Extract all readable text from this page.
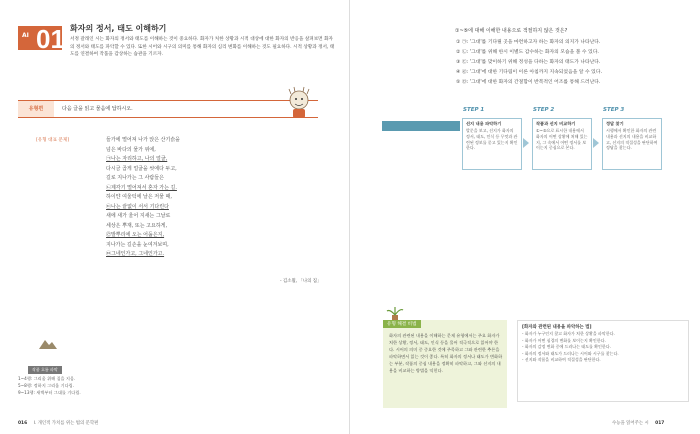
AI 01 화자의 정서, 태도 이해하기
서정 갈래인 시는 화자의 정서와 태도를 이해하는 것이 중요하다. 화자가 처한 상황과 시적 대상에 대한 화자의 반응을 살펴보면 화자의 정서와 태도를 파악할 수 있다. 또한 시어와 시구의 의미를 통해 화자의 심리 변화를 이해하는 것도 필요하다. 시적 상황과 정서, 태도를 연결하여 작품을 감상하는 습관을 기르자.
유형편	다음 글을 읽고 물음에 답하시오.
[유형 대표 문제]	들가에 떨어져 나가 앉은 산기슭을
넘은 바다의 물가 위에,
㉠나는 자리하고, 나의 얼굴,
다시금 곱게 얼굴을 씻에다 두고,
길로 지나가는 그 사람들은
㉡제각기 떨어져서 혼자 가는 길.
하이얀 여울턱에 날은 저물 때,
㉢나는 끝없이 서서 기다린다
새에 새가 울어 지새는 그날로
세상은 뿌재, 또는 고요하게,
㉣발뿌리에 오는 어둡은지,
지나가는 길손을 눈여겨보며,
㉤그네인가고, 그네인가고.
- 김소월, 「나의 집」
작품 흐름 파악
1~4행: 그리움 위해 집을 지음.
5~8행: 정하지 그리움 기다림.
9~13행: 새벽부터 그대를 기다림.
016 I. 개인적 가치를 위는 법의 문학편
①~⑤에 대해 이해한 내용으로 적절하지 않은 것은?
① ㉠: '그대'를 기다릴 곳을 마련하고자 하는 화자의 의지가 나타난다.
② ㉡: '그대'를 위해 한시 이별도 감수하는 화자의 모습을 볼 수 있다.
③ ㉢: '그대'를 맞이하기 위해 정성을 다하는 화자의 태도가 나타난다.
④ ㉣: '그대'에 대한 기다림이 이른 아침까지 지속되었음을 알 수 있다.
⑤ ㉤: '그대'에 대한 화자의 간절함이 반복적인 어조를 통해 드러난다.
문제 해결 길잡이 >>>>
STEP 1
선지 내용 파악하기
발문을 보고, 선지가 화자의 정서, 태도, 인식 등 무엇과 관련된 정보를 묻고 있는지 확인한다.
STEP 2
작품과 선지 비교하기
①~⑤으로 표시한 내용에서 화자의 어떤 상황에 처해 있는지, 그 속에서 어떤 정서를 보이는지 중심으로 본다.
STEP 3
정답 찾기
시행에서 확인한 화자의 관련 내용과 선지의 내용을 비교하고, 선지의 적절성을 판단하여 정답을 찾는다.
유형 해결 비법
화자의 관련된 내용을 이해하는 문제 유형에서는 주요 화자가 처한 상황, 정서, 태도, 인식 등을 물어 적극적으로 읽어야 한다. 시어의 의미 중 중요한 것에 주목하고 그와 관련한 추론을 파악하면서 읽는 것이 좋다. 특히 화자의 정서나 태도가 변화하는 부분, 작품의 중심 내용을 정확히 파악하고, 그와 선지의 내용을 비교하는 방법을 익힌다.
[화자와 관련된 내용을 파악하는 법]
- 화자가 누구인지 찾고 화자가 처한 상황을 파악한다.
- 화자가 어떤 심경의 변화를 보이는지 확인한다.
- 화자의 감정 변화 중에 드러나는 태도를 확인한다.
- 화자의 정서와 태도가 드러나는 시어와 시구를 찾는다.
- 선지와 작품을 비교하여 적절성을 판단한다.
수능을 읽어주는 시 017
